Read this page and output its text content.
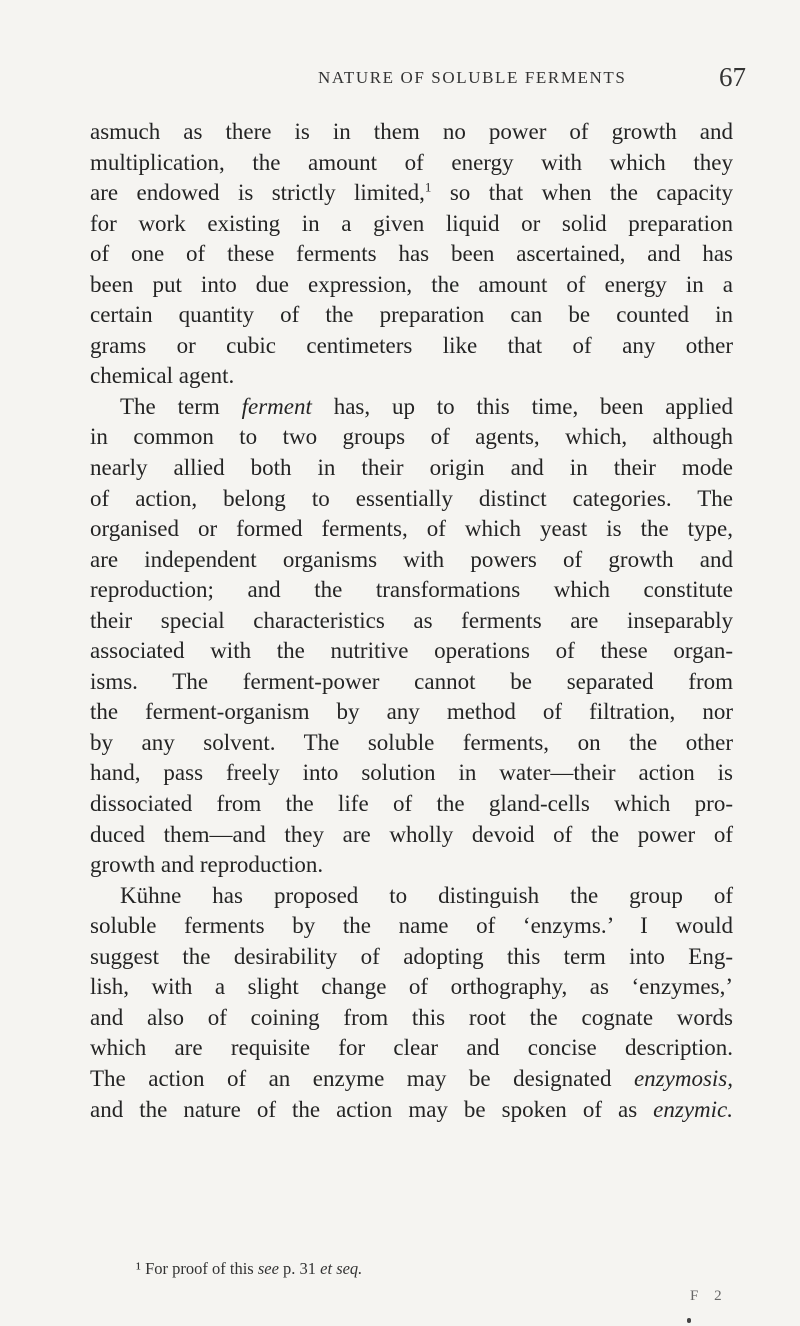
NATURE OF SOLUBLE FERMENTS	67

asmuch as there is in them no power of growth and
multiplication, the amount of energy with which they
are endowed is strictly limited,$^1$ so that when the capacity
for work existing in a given liquid or solid preparation
of one of these ferments has been ascertained, and has
been put into due expression, the amount of energy in a
certain quantity of the preparation can be counted in
grams or cubic centimeters like that of any other
chemical agent.

The term ferment has, up to this time, been applied
in common to two groups of agents, which, although
nearly allied both in their origin and in their mode
of action, belong to essentially distinct categories. The
organised or formed ferments, of which yeast is the type,
are independent organisms with powers of growth and
reproduction; and the transformations which constitute
their special characteristics as ferments are inseparably
associated with the nutritive operations of these organ-
isms. The ferment-power cannot be separated from
the ferment-organism by any method of filtration, nor
by any solvent. The soluble ferments, on the other
hand, pass freely into solution in water—their action is
dissociated from the life of the gland-cells which pro-
duced them—and they are wholly devoid of the power of
growth and reproduction.

Kühne has proposed to distinguish the group of
soluble ferments by the name of ‘enzyms.’ I would
suggest the desirability of adopting this term into Eng-
lish, with a slight change of orthography, as ‘enzymes,’
and also of coining from this root the cognate words
which are requisite for clear and concise description.
The action of an enzyme may be designated enzymosis,
and the nature of the action may be spoken of as enzymic.

¹ For proof of this see p. 31 et seq.
F 2
